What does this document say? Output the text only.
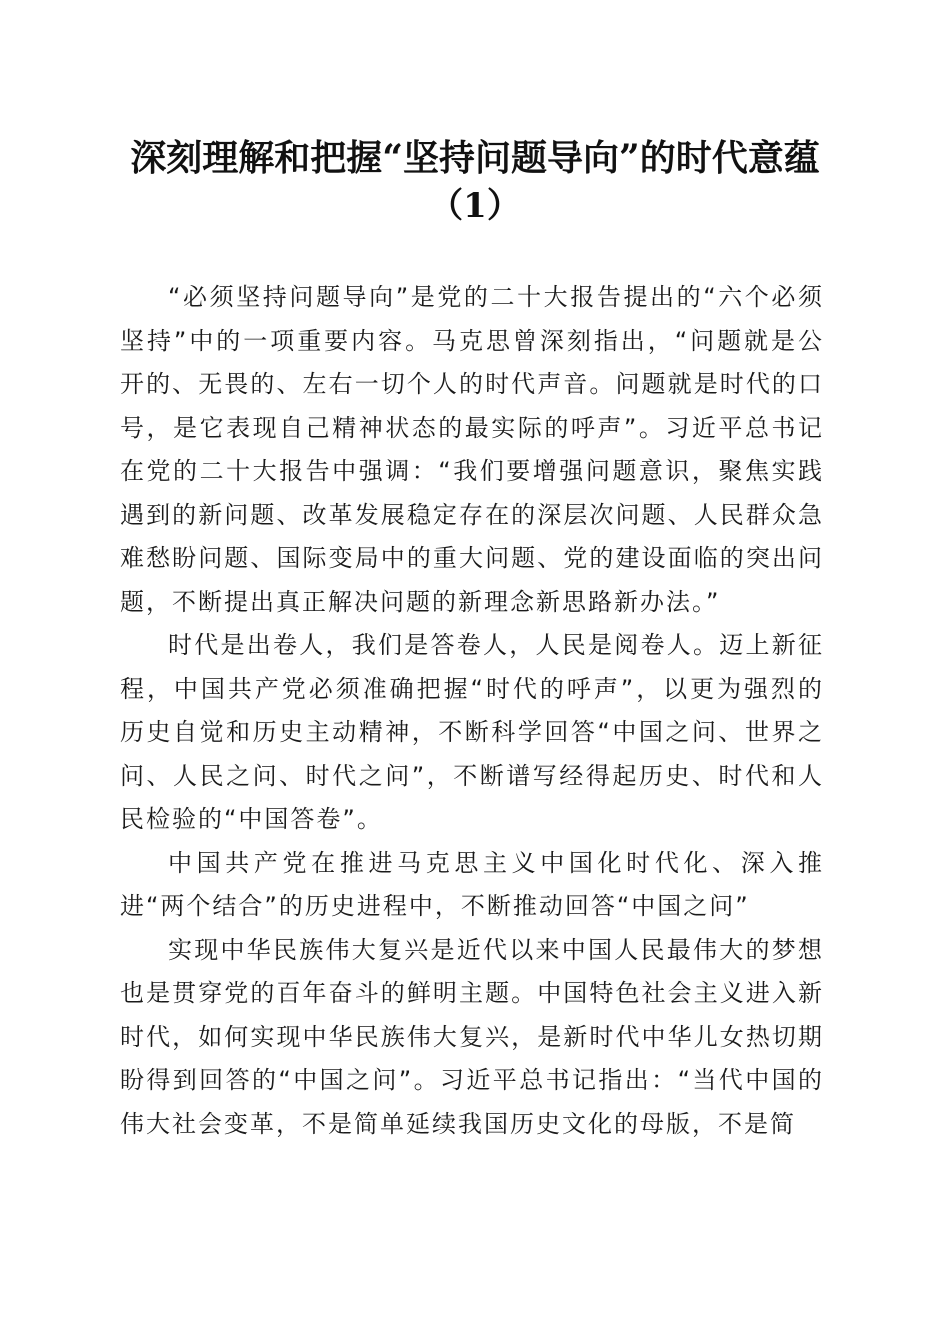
深刻理解和把握“坚持问题导向”的时代意蕴
（1）

“必须坚持问题导向”是党的二十大报告提出的“六个必须坚持”中的一项重要内容。马克思曾深刻指出，“问题就是公开的、无畏的、左右一切个人的时代声音。问题就是时代的口号，是它表现自己精神状态的最实际的呼声”。习近平总书记在党的二十大报告中强调：“我们要增强问题意识，聚焦实践遇到的新问题、改革发展稳定存在的深层次问题、人民群众急难愁盼问题、国际变局中的重大问题、党的建设面临的突出问题，不断提出真正解决问题的新理念新思路新办法。”

时代是出卷人，我们是答卷人，人民是阅卷人。迈上新征程，中国共产党必须准确把握“时代的呼声”，以更为强烈的历史自觉和历史主动精神，不断科学回答“中国之问、世界之问、人民之问、时代之问”，不断谱写经得起历史、时代和人民检验的“中国答卷”。

中国共产党在推进马克思主义中国化时代化、深入推进“两个结合”的历史进程中，不断推动回答“中国之问”

实现中华民族伟大复兴是近代以来中国人民最伟大的梦想也是贯穿党的百年奋斗的鲜明主题。中国特色社会主义进入新时代，如何实现中华民族伟大复兴，是新时代中华儿女热切期盼得到回答的“中国之问”。习近平总书记指出：“当代中国的伟大社会变革，不是简单延续我国历史文化的母版，不是简
